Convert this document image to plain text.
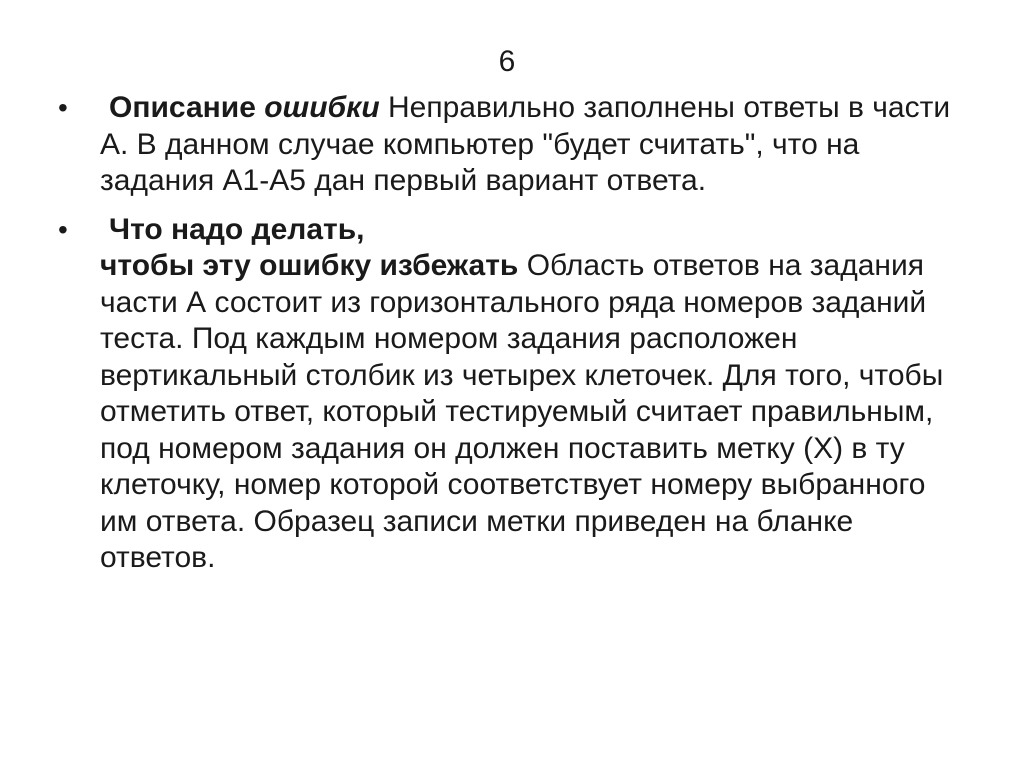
6
• Описание ошибки Неправильно заполнены ответы в части А. В данном случае компьютер "будет считать", что на задания А1-А5 дан первый вариант ответа.
• Что надо делать,
чтобы эту ошибку избежать Область ответов на задания части А состоит из горизонтального ряда номеров заданий теста. Под каждым номером задания расположен вертикальный столбик из четырех клеточек. Для того, чтобы отметить ответ, который тестируемый считает правильным, под номером задания он должен поставить метку (Х) в ту клеточку, номер которой соответствует номеру выбранного им ответа. Образец записи метки приведен на бланке ответов.
